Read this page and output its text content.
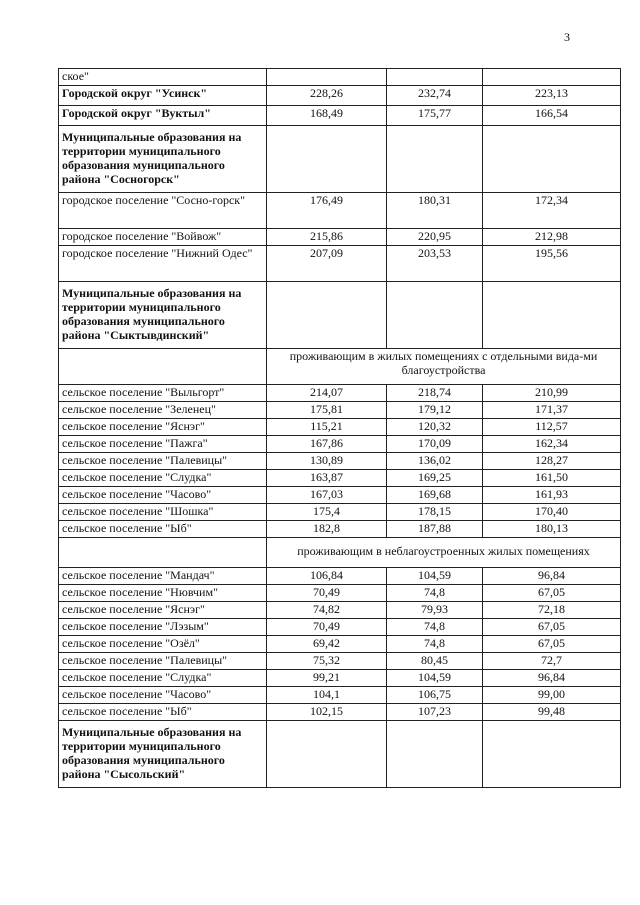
3
ское"			
Городской округ "Усинск"	228,26	232,74	223,13
Городской округ "Вуктыл"	168,49	175,77	166,54
Муниципальные образования на территории муниципального образования муниципального района "Сосногорск"			
городское поселение "Сосно-горск"	176,49	180,31	172,34
городское поселение "Войвож"	215,86	220,95	212,98
городское поселение "Нижний Одес"	207,09	203,53	195,56
Муниципальные образования на территории муниципального образования муниципального района "Сыктывдинский"			
	проживающим в жилых помещениях с отдельными вида-ми благоустройства		
сельское поселение "Выльгорт"	214,07	218,74	210,99
сельское поселение "Зеленец"	175,81	179,12	171,37
сельское поселение "Яснэг"	115,21	120,32	112,57
сельское поселение "Пажга"	167,86	170,09	162,34
сельское поселение "Палевицы"	130,89	136,02	128,27
сельское поселение "Слудка"	163,87	169,25	161,50
сельское поселение "Часово"	167,03	169,68	161,93
сельское поселение "Шошка"	175,4	178,15	170,40
сельское поселение "Ыб"	182,8	187,88	180,13
	проживающим в неблагоустроенных жилых помещениях		
сельское поселение "Мандач"	106,84	104,59	96,84
сельское поселение "Нювчим"	70,49	74,8	67,05
сельское поселение "Яснэг"	74,82	79,93	72,18
сельское поселение "Лэзым"	70,49	74,8	67,05
сельское поселение "Озёл"	69,42	74,8	67,05
сельское поселение "Палевицы"	75,32	80,45	72,7
сельское поселение "Слудка"	99,21	104,59	96,84
сельское поселение "Часово"	104,1	106,75	99,00
сельское поселение "Ыб"	102,15	107,23	99,48
Муниципальные образования на территории муниципального образования муниципального района "Сысольский"			
